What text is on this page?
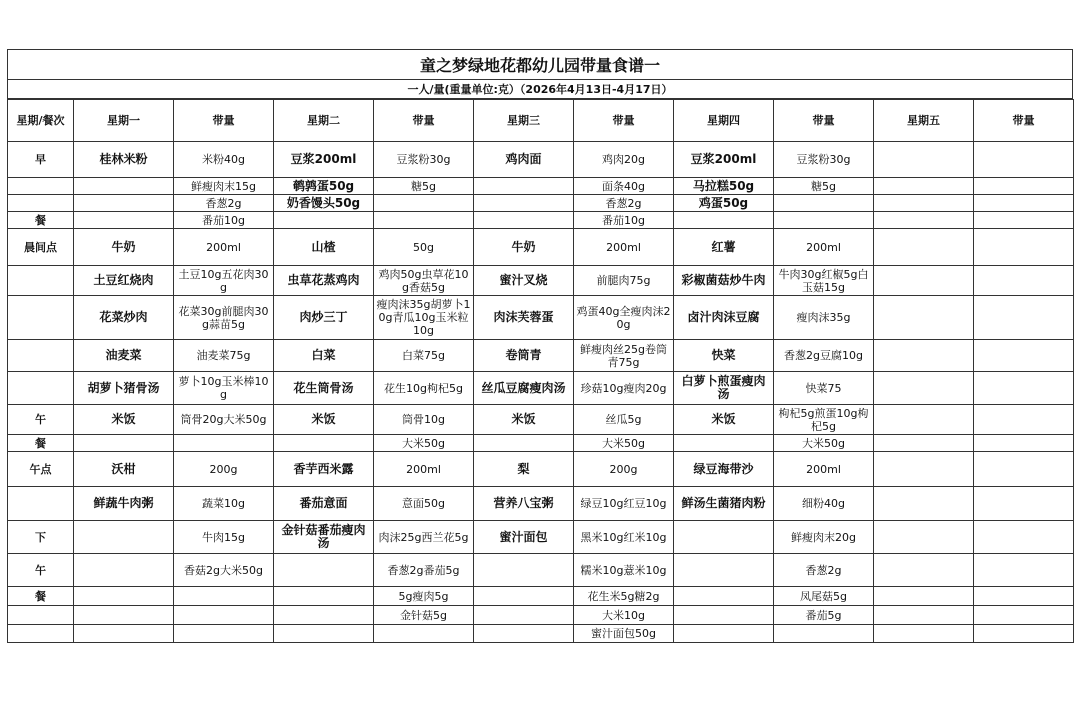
童之梦绿地花都幼儿园带量食谱一
一人/量(重量单位:克）（2026年4月13日-4月17日）
星期/餐次	星期一	带量	星期二	带量	星期三	带量	星期四	带量	星期五	带量
早	桂林米粉	米粉40g	豆浆200ml	豆浆粉30g	鸡肉面	鸡肉20g	豆浆200ml	豆浆粉30g		
		鲜瘦肉末15g	鹌鹑蛋50g	糖5g		面条40g	马拉糕50g	糖5g		
		香葱2g	奶香馒头50g			香葱2g	鸡蛋50g			
餐		番茄10g				番茄10g				
晨间点	牛奶	200ml	山楂	50g	牛奶	200ml	红薯	200ml		
	土豆红烧肉	土豆10g五花肉30g	虫草花蒸鸡肉	鸡肉50g虫草花10g香菇5g	蜜汁叉烧	前腿肉75g	彩椒菌菇炒牛肉	牛肉30g红椒5g白玉菇15g		
	花菜炒肉	花菜30g前腿肉30g蒜苗5g	肉炒三丁	瘦肉沫35g胡萝卜10g青瓜10g玉米粒10g	肉沫芙蓉蛋	鸡蛋40g全瘦肉沫20g	卤汁肉沫豆腐	瘦肉沫35g		
	油麦菜	油麦菜75g	白菜	白菜75g	卷筒青	鲜瘦肉丝25g卷筒青75g	快菜	香葱2g豆腐10g		
	胡萝卜猪骨汤	萝卜10g玉米棒10g	花生筒骨汤	花生10g枸杞5g	丝瓜豆腐瘦肉汤	珍菇10g瘦肉20g	白萝卜煎蛋瘦肉汤	快菜75		
午	米饭	筒骨20g大米50g	米饭	筒骨10g	米饭	丝瓜5g	米饭	枸杞5g煎蛋10g枸杞5g		
餐				大米50g		大米50g		大米50g		
午点	沃柑	200g	香芋西米露	200ml	梨	200g	绿豆海带沙	200ml		
	鲜蔬牛肉粥	蔬菜10g	番茄意面	意面50g	营养八宝粥	绿豆10g红豆10g	鲜汤生菌猪肉粉	细粉40g		
下		牛肉15g	金针菇番茄瘦肉汤	肉沫25g西兰花5g	蜜汁面包	黑米10g红米10g		鲜瘦肉末20g		
午		香菇2g大米50g		香葱2g番茄5g		糯米10g薏米10g		香葱2g		
餐				5g瘦肉5g		花生米5g糖2g		凤尾菇5g		
				金针菇5g		大米10g		番茄5g		
						蜜汁面包50g				
